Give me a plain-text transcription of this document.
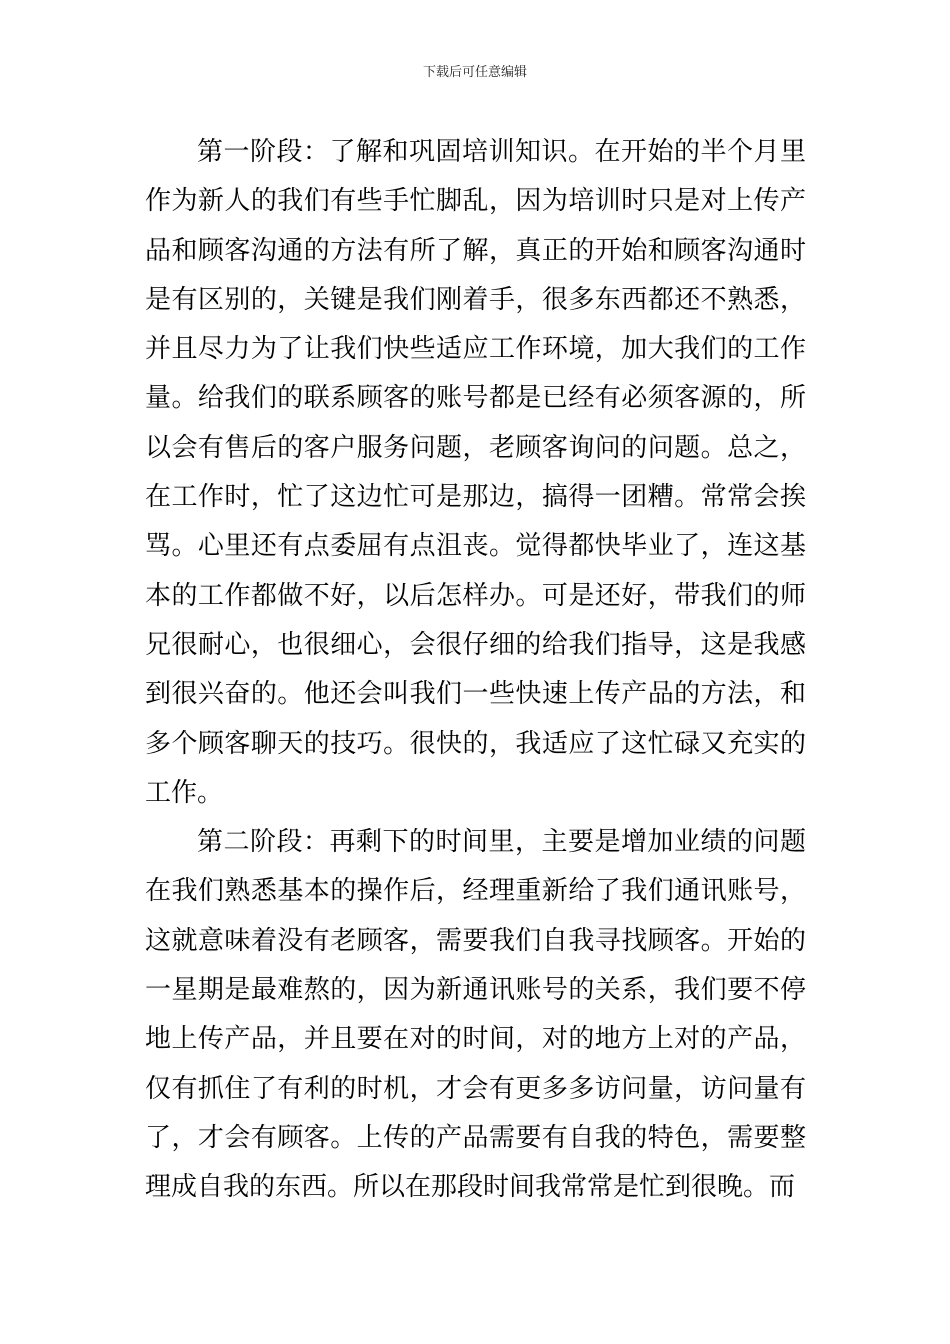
下载后可任意编辑

第一阶段：了解和巩固培训知识。在开始的半个月里作为新人的我们有些手忙脚乱，因为培训时只是对上传产品和顾客沟通的方法有所了解，真正的开始和顾客沟通时是有区别的，关键是我们刚着手，很多东西都还不熟悉，并且尽力为了让我们快些适应工作环境，加大我们的工作量。给我们的联系顾客的账号都是已经有必须客源的，所以会有售后的客户服务问题，老顾客询问的问题。总之，在工作时，忙了这边忙可是那边，搞得一团糟。常常会挨骂。心里还有点委屈有点沮丧。觉得都快毕业了，连这基本的工作都做不好，以后怎样办。可是还好，带我们的师兄很耐心，也很细心，会很仔细的给我们指导，这是我感到很兴奋的。他还会叫我们一些快速上传产品的方法，和多个顾客聊天的技巧。很快的，我适应了这忙碌又充实的工作。

第二阶段：再剩下的时间里，主要是增加业绩的问题在我们熟悉基本的操作后，经理重新给了我们通讯账号，这就意味着没有老顾客，需要我们自我寻找顾客。开始的一星期是最难熬的，因为新通讯账号的关系，我们要不停地上传产品，并且要在对的时间，对的地方上对的产品，仅有抓住了有利的时机，才会有更多多访问量，访问量有了，才会有顾客。上传的产品需要有自我的特色，需要整理成自我的东西。所以在那段时间我常常是忙到很晚。而
